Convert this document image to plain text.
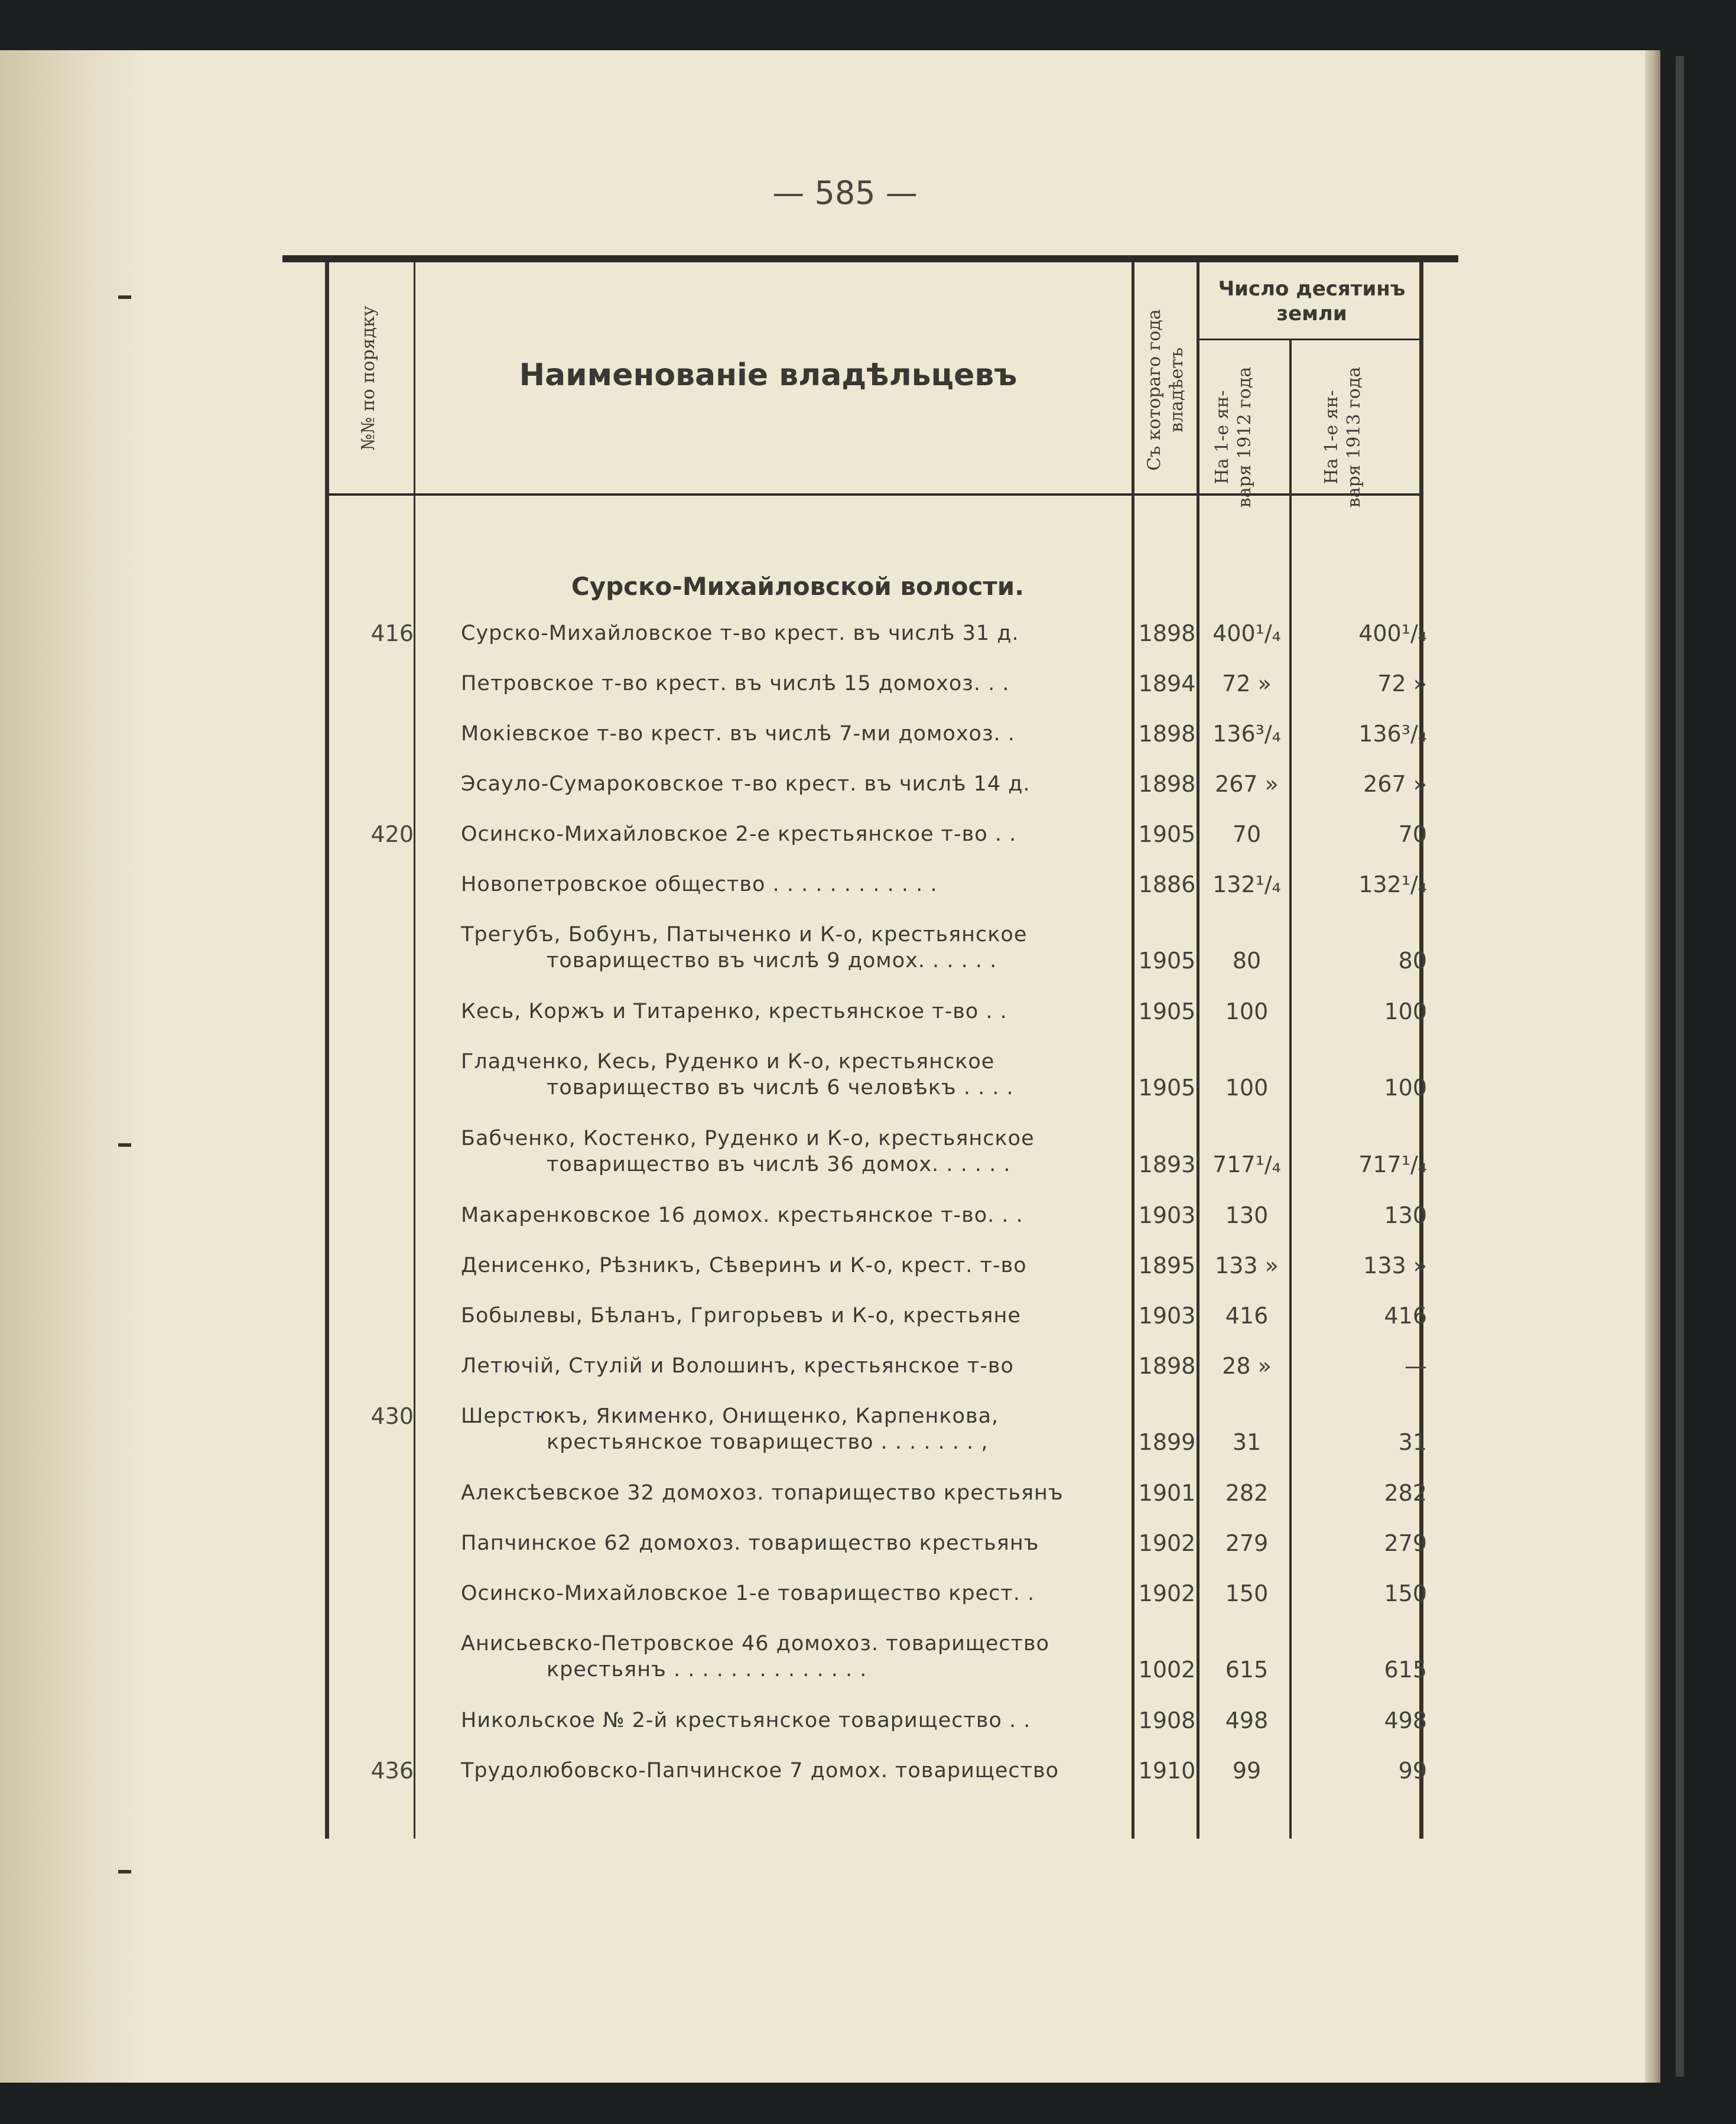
— 585 —
№№ по порядку	Наименованіе владѣльцевъ	Съ котораго года владѣетъ
Число десятинъ земли
На 1-е ян- варя 1912 года	На 1-е ян- варя 1913 года
Сурско-Михайловской волости.
416 Сурско-Михайловское т-во крест. въ числѣ 31 д.	1898 400¹/₄	400¹/₄
Петровское т-во крест. въ числѣ 15 домохоз. . .	1894	72 »	72 »
Мокіевское т-во крест. въ числѣ 7-ми домохоз. .	1898 136³/₄	136³/₄
Эсауло-Сумароковское т-во крест. въ числѣ 14 д.	1898 267 »	267 »
420 Осинско-Михайловское 2-е крестьянское т-во . .	1905	70	70
Новопетровское общество . . . . . . . . . . . .	1886 132¹/₄	132¹/₄
Трегубъ, Бобунъ, Патыченко и К-о, крестьянское
товарищество въ числѣ 9 домох. . . . . .	1905	80	80
Кесь, Коржъ и Титаренко, крестьянское т-во . .	1905	100	100
Гладченко, Кесь, Руденко и К-о, крестьянское
товарищество въ числѣ 6 человѣкъ . . . .	1905	100	100
Бабченко, Костенко, Руденко и К-о, крестьянское
товарищество въ числѣ 36 домох. . . . . .	1893 717¹/₄	717¹/₄
Макаренковское 16 домох. крестьянское т-во. . .	1903	130	130
Денисенко, Рѣзникъ, Сѣверинъ и К-о, крест. т-во	1895 133 »	133 »
Бобылевы, Бѣланъ, Григорьевъ и К-о, крестьяне	1903	416	416
Летючій, Стулій и Волошинъ, крестьянское т-во	1898	28 »	—
430 Шерстюкъ, Якименко, Онищенко, Карпенкова,
крестьянское товарищество . . . . . . . ,	1899	31	31
Алексѣевское 32 домохоз. топарищество крестьянъ	1901	282	282
Папчинское 62 домохоз. товарищество крестьянъ	1902	279	279
Осинско-Михайловское 1-е товарищество крест. .	1902	150	150
Анисьевско-Петровское 46 домохоз. товарищество
крестьянъ . . . . . . . . . . . . . .	1002	615	615
Никольское № 2-й крестьянское товарищество . .	1908	498	498
436 Трудолюбовско-Папчинское 7 домох. товарищество	1910	99	99
